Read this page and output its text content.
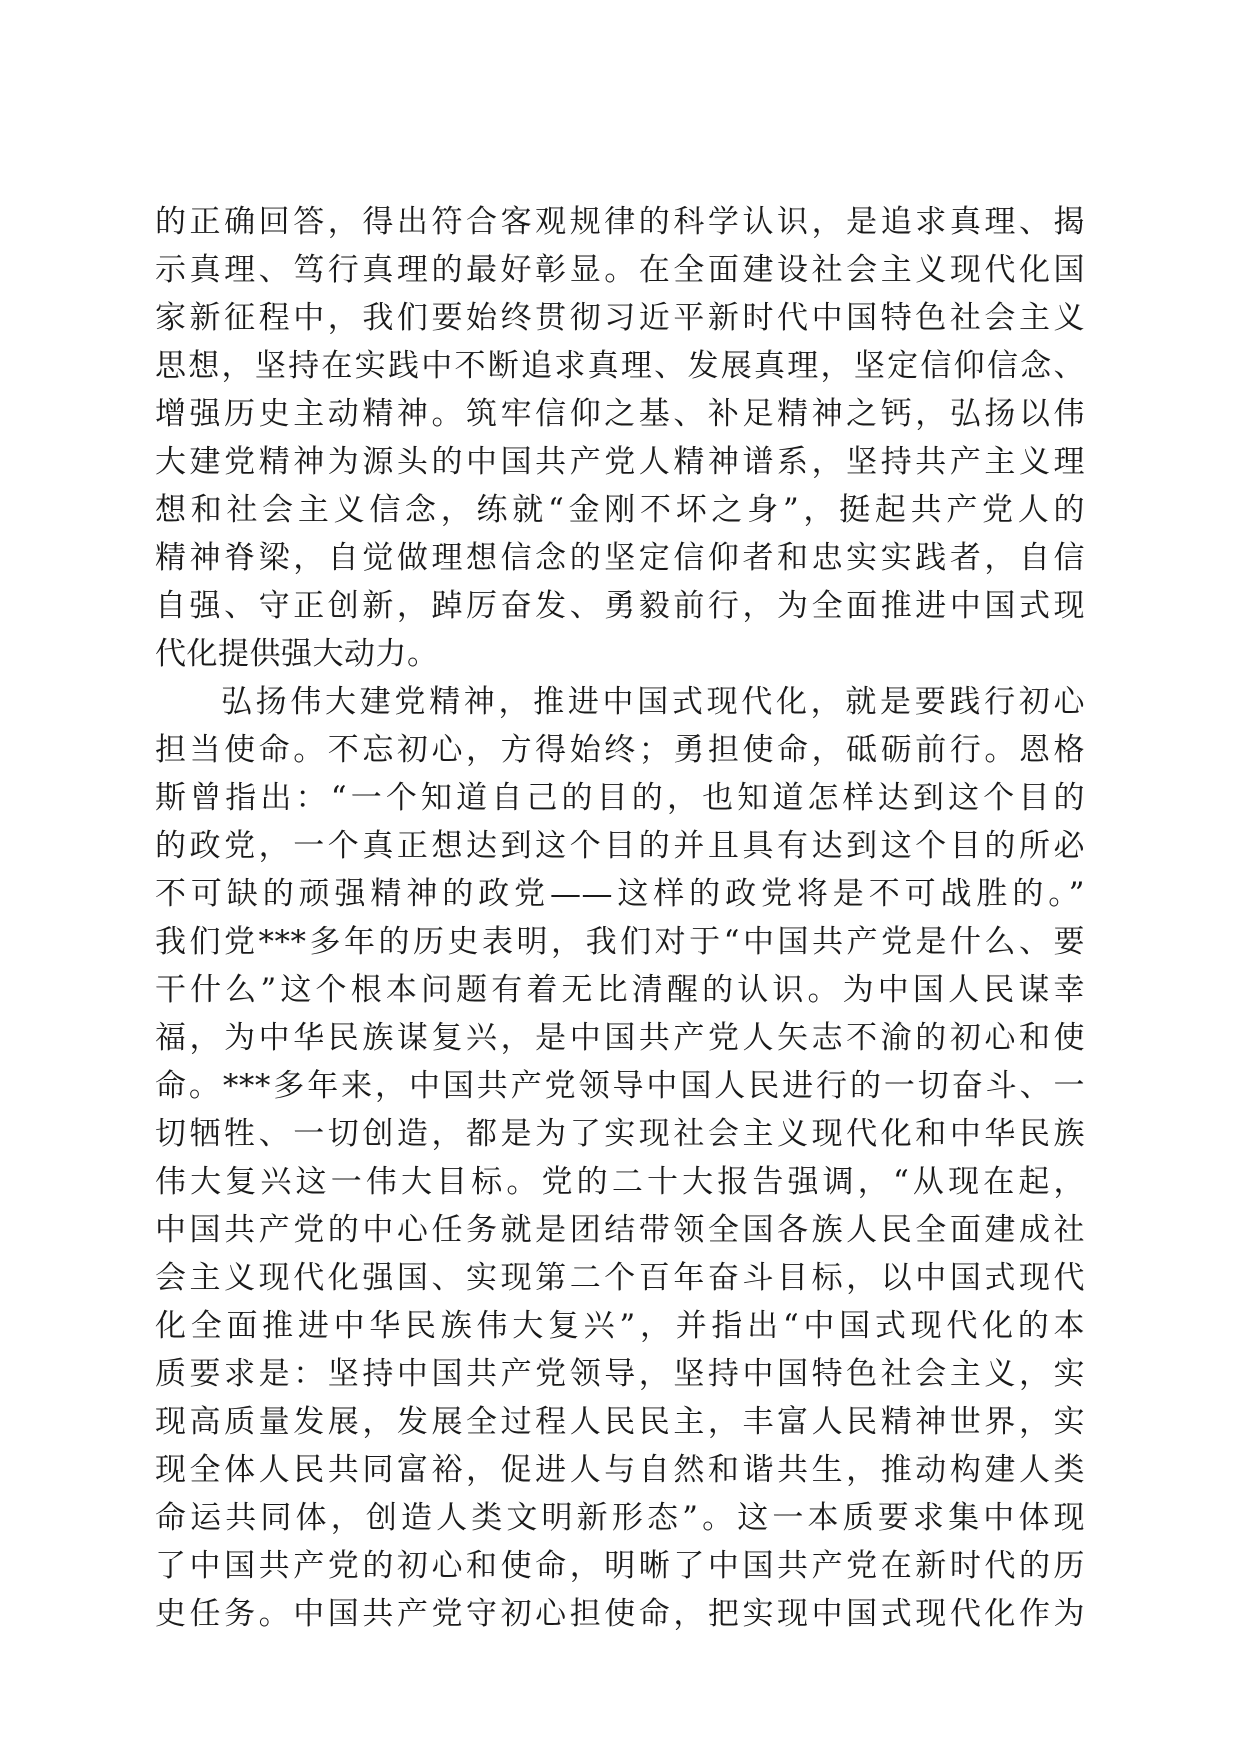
的正确回答，得出符合客观规律的科学认识，是追求真理、揭
示真理、笃行真理的最好彰显。在全面建设社会主义现代化国
家新征程中，我们要始终贯彻习近平新时代中国特色社会主义
思想，坚持在实践中不断追求真理、发展真理，坚定信仰信念、
增强历史主动精神。筑牢信仰之基、补足精神之钙，弘扬以伟
大建党精神为源头的中国共产党人精神谱系，坚持共产主义理
想和社会主义信念，练就“金刚不坏之身”，挺起共产党人的
精神脊梁，自觉做理想信念的坚定信仰者和忠实实践者，自信
自强、守正创新，踔厉奋发、勇毅前行，为全面推进中国式现
代化提供强大动力。
弘扬伟大建党精神，推进中国式现代化，就是要践行初心
担当使命。不忘初心，方得始终；勇担使命，砥砺前行。恩格
斯曾指出：“一个知道自己的目的，也知道怎样达到这个目的
的政党，一个真正想达到这个目的并且具有达到这个目的所必
不可缺的顽强精神的政党——这样的政党将是不可战胜的。”
我们党***多年的历史表明，我们对于“中国共产党是什么、要
干什么”这个根本问题有着无比清醒的认识。为中国人民谋幸
福，为中华民族谋复兴，是中国共产党人矢志不渝的初心和使
命。***多年来，中国共产党领导中国人民进行的一切奋斗、一
切牺牲、一切创造，都是为了实现社会主义现代化和中华民族
伟大复兴这一伟大目标。党的二十大报告强调，“从现在起，
中国共产党的中心任务就是团结带领全国各族人民全面建成社
会主义现代化强国、实现第二个百年奋斗目标，以中国式现代
化全面推进中华民族伟大复兴”，并指出“中国式现代化的本
质要求是：坚持中国共产党领导，坚持中国特色社会主义，实
现高质量发展，发展全过程人民民主，丰富人民精神世界，实
现全体人民共同富裕，促进人与自然和谐共生，推动构建人类
命运共同体，创造人类文明新形态”。这一本质要求集中体现
了中国共产党的初心和使命，明晰了中国共产党在新时代的历
史任务。中国共产党守初心担使命，把实现中国式现代化作为
